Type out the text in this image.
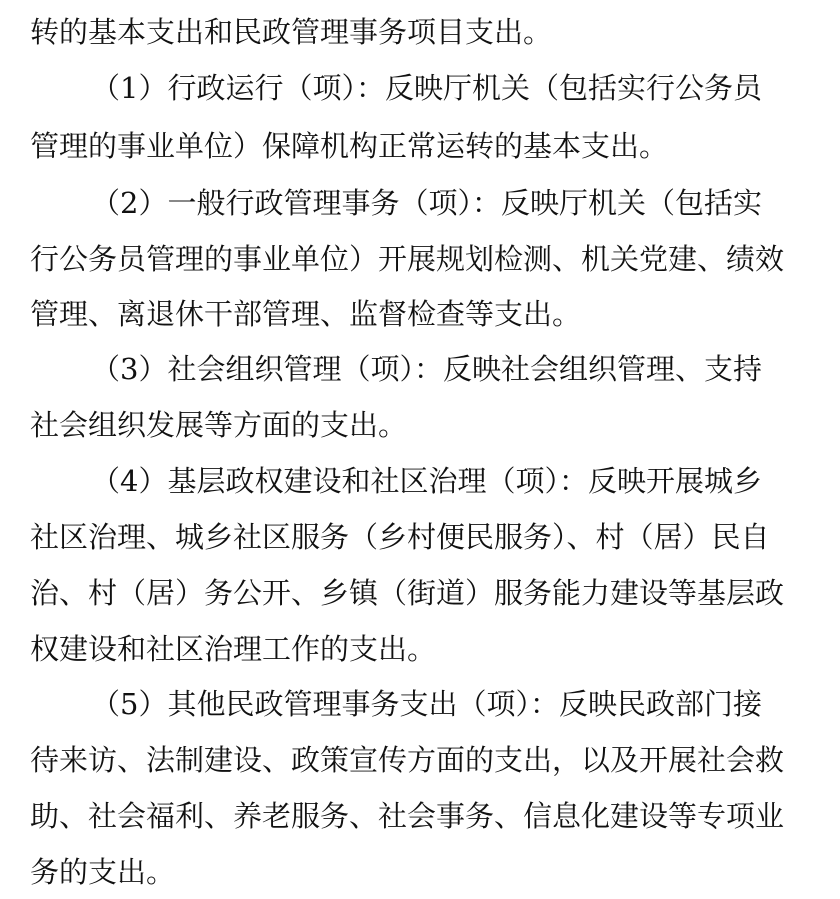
转的基本支出和民政管理事务项目支出。
（1）行政运行（项）：反映厅机关（包括实行公务员
管理的事业单位）保障机构正常运转的基本支出。
（2）一般行政管理事务（项）：反映厅机关（包括实
行公务员管理的事业单位）开展规划检测、机关党建、绩效
管理、离退休干部管理、监督检查等支出。
（3）社会组织管理（项）：反映社会组织管理、支持
社会组织发展等方面的支出。
（4）基层政权建设和社区治理（项）：反映开展城乡
社区治理、城乡社区服务（乡村便民服务）、村（居）民自
治、村（居）务公开、乡镇（街道）服务能力建设等基层政
权建设和社区治理工作的支出。
（5）其他民政管理事务支出（项）：反映民政部门接
待来访、法制建设、政策宣传方面的支出，以及开展社会救
助、社会福利、养老服务、社会事务、信息化建设等专项业
务的支出。
